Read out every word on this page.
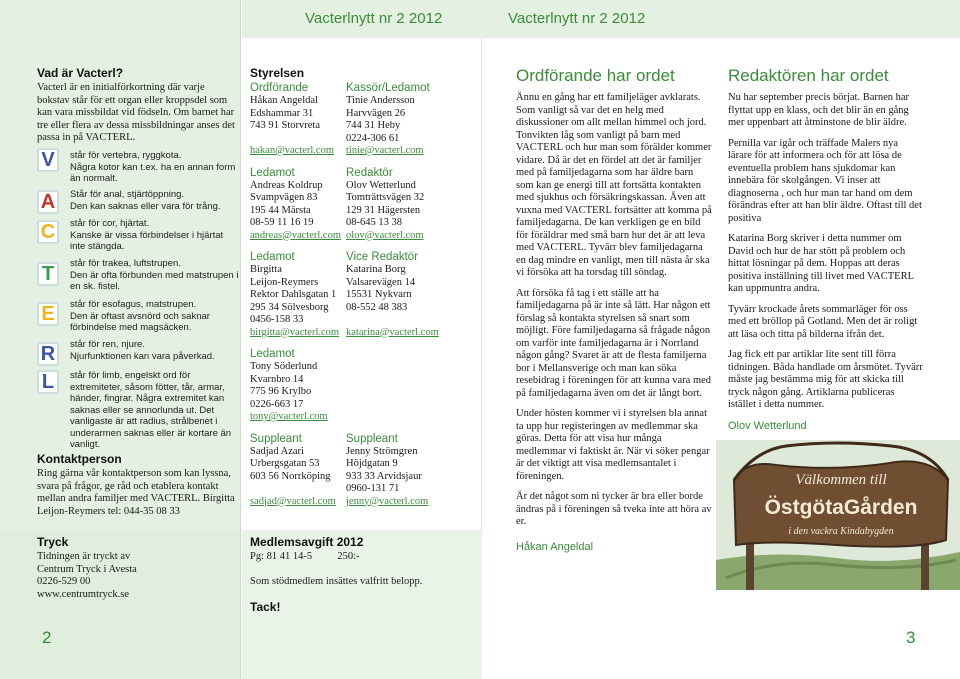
Vacterlnytt nr 2 2012	Vacterlnytt nr 2 2012
Vad är Vacterl?
Vacterl är en initialförkortning där varje bokstav står för ett organ eller kroppsdel som kan vara missbildat vid födseln. Om barnet har tre eller flera av dessa missbildningar anses det passa in på VACTERL.
V
A
C
T
E
R
L
står för vertebra, ryggkota.
Några kotor kan t.ex. ha en annan form än normalt.
Står för anal, stjärtöppning.
Den kan saknas eller vara för trång.
står för cor, hjärtat.
Kanske är vissa förbindelser i hjärtat inte stängda.
står för trakea, luftstrupen.
Den är ofta förbunden med matstrupen i en sk. fistel.
står för esofagus, matstrupen.
Den är oftast avsnörd och saknar förbindelse med magsäcken.
står för ren, njure.
Njurfunktionen kan vara påverkad.
står för limb, engelskt ord för extremiteter, såsom fötter, tår, armar, händer, fingrar. Några extremitet kan saknas eller se annorlunda ut. Det vanligaste är att radius, strålbenet i underarmen saknas eller är kortare än vanligt.
Kontaktperson
Ring gärna vår kontaktperson som kan lyssna, svara på frågor, ge råd och etablera kontakt mellan andra familjer med VACTERL. Birgitta Leijon-Reymers tel: 044-35 08 33
Tryck
Tidningen är tryckt av
Centrum Tryck i Avesta
0226-529 00
www.centrumtryck.se
2	3
Styrelsen
Ordförande
Håkan Angeldal
Edshammar 31
743 91 Storvreta
hakan@vacterl.com
Kassör/Ledamot
Tinie Andersson
Harvvägen 26
744 31 Heby
0224-306 61
tinie@vacterl.com
Ledamot
Andreas Koldrup
Svampvägen 83
195 44 Märsta
08-59 11 16 19
andreas@vacterl.com
Redaktör
Olov Wetterlund
Tomträttsvägen 32
129 31 Hägersten
08-645 13 38
olov@vacterl.com
Ledamot
Birgitta
Leijon-Reymers
Rektor Dahlsgatan 1
295 34 Sölvesborg
0456-158 33
birgitta@vacterl.com
Vice Redaktör
Katarina Borg
Valsarevägen 14
15531 Nykvarn
08-552 48 383
katarina@vacterl.com
Ledamot
Tony Söderlund
Kvarnbro 14
775 96 Krylbo
0226-663 17
tony@vacterl.com
Suppleant
Sadjad Azari
Urbergsgatan 53
603 56 Norrköping
sadjad@vacterl.com
Suppleant
Jenny Strömgren
Höjdgatan 9
933 33 Arvidsjaur
0960-131 71
jenny@vacterl.com
Medlemsavgift 2012
Pg: 81 41 14-5 250:-
Som stödmedlem insättes valfritt belopp.
Tack!
Ordförande har ordet
Ännu en gång har ett familjeläger avklarats. Som vanligt så var det en helg med diskussioner om allt mellan himmel och jord. Tonvikten låg som vanligt på barn med VACTERL och hur man som förälder kommer vidare. Då är det en fördel att det är familjer med på familjedagarna som har äldre barn som kan ge energi till att fortsätta kontakten med sjukhus och försäkringskassan. Även att vuxna med VACTERL fortsätter att komma på familjedagarna. De kan verkligen ge en bild för föräldrar med små barn hur det är att leva med VACTERL. Tyvärr blev familjedagarna en dag mindre en vanligt, men till nästa år ska vi försöka att ha torsdag till söndag.
Att försöka få tag i ett ställe att ha familjedagarna på är inte så lätt. Har någon ett förslag så kontakta styrelsen så snart som möjligt. Före familjedagarna så frågade någon om varför inte familjedagarna är i Norrland någon gång? Svaret är att de flesta familjerna bor i Mellansverige och man kan söka resebidrag i föreningen för att kunna vara med på familjedagarna även om det är långt bort.
Under hösten kommer vi i styrelsen bla annat ta upp hur registeringen av medlemmar ska göras. Detta för att visa hur många medlemmar vi faktiskt är. När vi söker pengar är det viktigt att visa medlemsantalet i föreningen.
Är det något som ni tycker är bra eller borde ändras på i föreningen så tveka inte att höra av er.
Håkan Angeldal
Redaktören har ordet
Nu har september precis börjat. Barnen har flyttat upp en klass, och det blir än en gång mer uppenbart att åtminstone de blir äldre.
Pernilla var igår och träffade Malers nya lärare för att informera och för att lösa de eventuella problem hans sjukdomar kan innebära för skolgången. Vi inser att diagnoserna , och hur man tar hand om dem förändras efter att han blir äldre. Oftast till det positiva
Katarina Borg skriver i detta nummer om David och hur de har stött på problem och hittat lösningar på dem. Hoppas att deras positiva inställning till livet med VACTERL kan uppmuntra andra.
Tyvärr krockade årets sommarläger för oss med ett bröllop på Gotland. Men det är roligt att läsa och titta på bilderna ifrån det.
Jag fick ett par artiklar lite sent till förra tidningen. Båda handlade om årsmötet. Tyvärr måste jag bestämma mig för att skicka till tryck någon gång. Artiklarna publiceras istället i detta nummer.
Olov Wetterlund
Välkommen till
ÖstgötaGården
i den vackra Kindabygden
